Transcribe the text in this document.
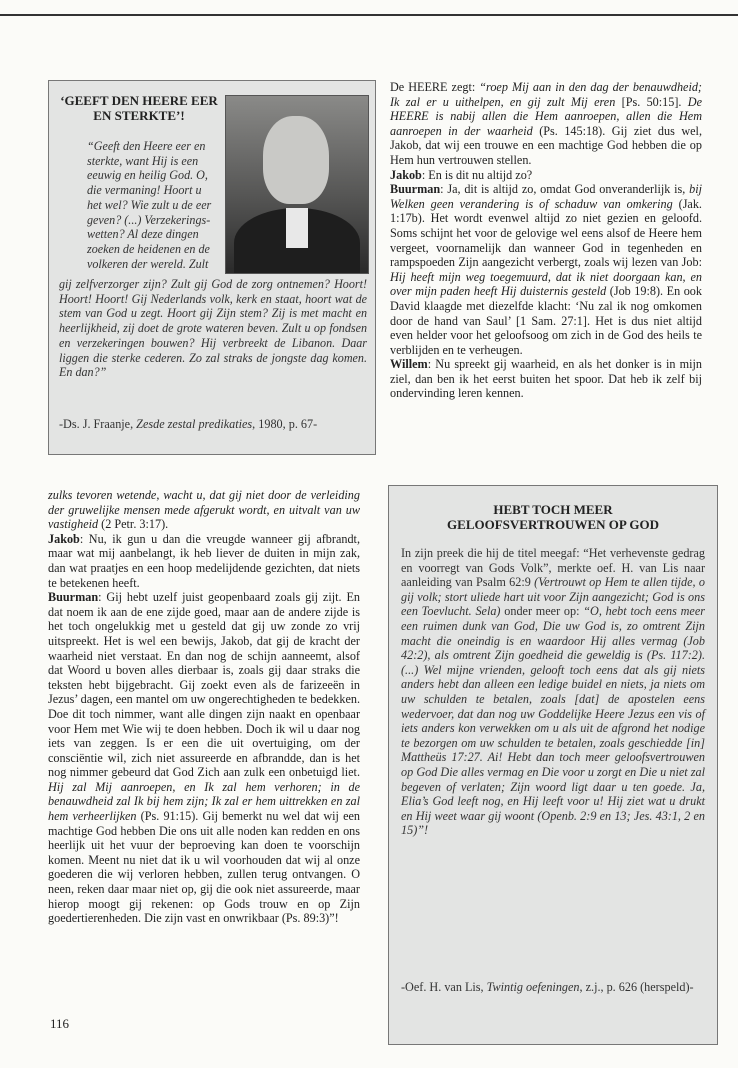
‘GEEFT DEN HEERE EER EN STERKTE’!

“Geeft den Heere eer en sterkte, want Hij is een eeuwig en heilig God. O, die vermaning! Hoort u het wel? Wie zult u de eer geven? (...) Verzekerings-wetten? Al deze dingen zoeken de heidenen en de volkeren der wereld. Zult

gij zelfverzorger zijn? Zult gij God de zorg ontnemen? Hoort! Hoort! Hoort! Gij Nederlands volk, kerk en staat, hoort wat de stem van God u zegt. Hoort gij Zijn stem? Zij is met macht en heerlijkheid, zij doet de grote wateren beven. Zult u op fondsen en verzekeringen bouwen? Hij verbreekt de Libanon. Daar liggen die sterke cederen. Zo zal straks de jongste dag komen. En dan?”

-Ds. J. Fraanje, Zesde zestal predikaties, 1980, p. 67-

zulks tevoren wetende, wacht u, dat gij niet door de verleiding der gruwelijke mensen mede afgerukt wordt, en uitvalt van uw vastigheid (2 Petr. 3:17).

Jakob: Nu, ik gun u dan die vreugde wanneer gij afbrandt, maar wat mij aanbelangt, ik heb liever de duiten in mijn zak, dan wat praatjes en een hoop medelijdende gezichten, dat niets te betekenen heeft.

Buurman: Gij hebt uzelf juist geopenbaard zoals gij zijt. En dat noem ik aan de ene zijde goed, maar aan de andere zijde is het toch ongelukkig met u gesteld dat gij uw zonde zo vrij uitspreekt. Het is wel een bewijs, Jakob, dat gij de kracht der waarheid niet verstaat. En dan nog de schijn aanneemt, alsof dat Woord u boven alles dierbaar is, zoals gij daar straks die teksten hebt bijgebracht. Gij zoekt even als de farizeeën in Jezus’ dagen, een mantel om uw ongerechtigheden te bedekken. Doe dit toch nimmer, want alle dingen zijn naakt en openbaar voor Hem met Wie wij te doen hebben. Doch ik wil u daar nog iets van zeggen. Is er een die uit overtuiging, om der consciëntie wil, zich niet assureerde en afbrandde, dan is het nog nimmer gebeurd dat God Zich aan zulk een onbetuigd liet. Hij zal Mij aanroepen, en Ik zal hem verhoren; in de benauwdheid zal Ik bij hem zijn; Ik zal er hem uittrekken en zal hem verheerlijken (Ps. 91:15). Gij bemerkt nu wel dat wij een machtige God hebben Die ons uit alle noden kan redden en ons heerlijk uit het vuur der beproeving kan doen te voorschijn komen. Meent nu niet dat ik u wil voorhouden dat wij al onze goederen die wij verloren hebben, zullen terug ontvangen. O neen, reken daar maar niet op, gij die ook niet assureerde, maar hierop moogt gij rekenen: op Gods trouw en op Zijn goedertierenheden. Die zijn vast en onwrikbaar (Ps. 89:3)”!

De HEERE zegt: “roep Mij aan in den dag der benauwdheid; Ik zal er u uithelpen, en gij zult Mij eren [Ps. 50:15]. De HEERE is nabij allen die Hem aanroepen, allen die Hem aanroepen in der waarheid (Ps. 145:18). Gij ziet dus wel, Jakob, dat wij een trouwe en een machtige God hebben die op Hem hun vertrouwen stellen.

Jakob: En is dit nu altijd zo?

Buurman: Ja, dit is altijd zo, omdat God onveranderlijk is, bij Welken geen verandering is of schaduw van omkering (Jak. 1:17b). Het wordt evenwel altijd zo niet gezien en geloofd. Soms schijnt het voor de gelovige wel eens alsof de Heere hem vergeet, voornamelijk dan wanneer God in tegenheden en rampspoeden Zijn aangezicht verbergt, zoals wij lezen van Job: Hij heeft mijn weg toegemuurd, dat ik niet doorgaan kan, en over mijn paden heeft Hij duisternis gesteld (Job 19:8). En ook David klaagde met diezelfde klacht: ‘Nu zal ik nog omkomen door de hand van Saul’ [1 Sam. 27:1]. Het is dus niet altijd even helder voor het geloofsoog om zich in de God des heils te verblijden en te verheugen.

Willem: Nu spreekt gij waarheid, en als het donker is in mijn ziel, dan ben ik het eerst buiten het spoor. Dat heb ik zelf bij ondervinding leren kennen.

HEBT TOCH MEER
GELOOFSVERTROUWEN OP GOD

In zijn preek die hij de titel meegaf: “Het verhevenste gedrag en voorregt van Gods Volk”, merkte oef. H. van Lis naar aanleiding van Psalm 62:9 (Vertrouwt op Hem te allen tijde, o gij volk; stort uliede hart uit voor Zijn aangezicht; God is ons een Toevlucht. Sela) onder meer op: “O, hebt toch eens meer een ruimen dunk van God, Die uw God is, zo omtrent Zijn macht die oneindig is en waardoor Hij alles vermag (Job 42:2), als omtrent Zijn goedheid die geweldig is (Ps. 117:2). (...) Wel mijne vrienden, gelooft toch eens dat als gij niets anders hebt dan alleen een ledige buidel en niets, ja niets om uw schulden te betalen, zoals [dat] de apostelen eens wedervoer, dat dan nog uw Goddelijke Heere Jezus een vis of iets anders kon verwekken om u als uit de afgrond het nodige te bezorgen om uw schulden te betalen, zoals geschiedde [in] Mattheüs 17:27. Ai! Hebt dan toch meer geloofsvertrouwen op God Die alles vermag en Die voor u zorgt en Die u niet zal begeven of verlaten; Zijn woord ligt daar u ten goede. Ja, Elia’s God leeft nog, en Hij leeft voor u! Hij ziet wat u drukt en Hij weet waar gij woont (Openb. 2:9 en 13; Jes. 43:1, 2 en 15)”!

-Oef. H. van Lis, Twintig oefeningen, z.j., p. 626 (herspeld)-

116
